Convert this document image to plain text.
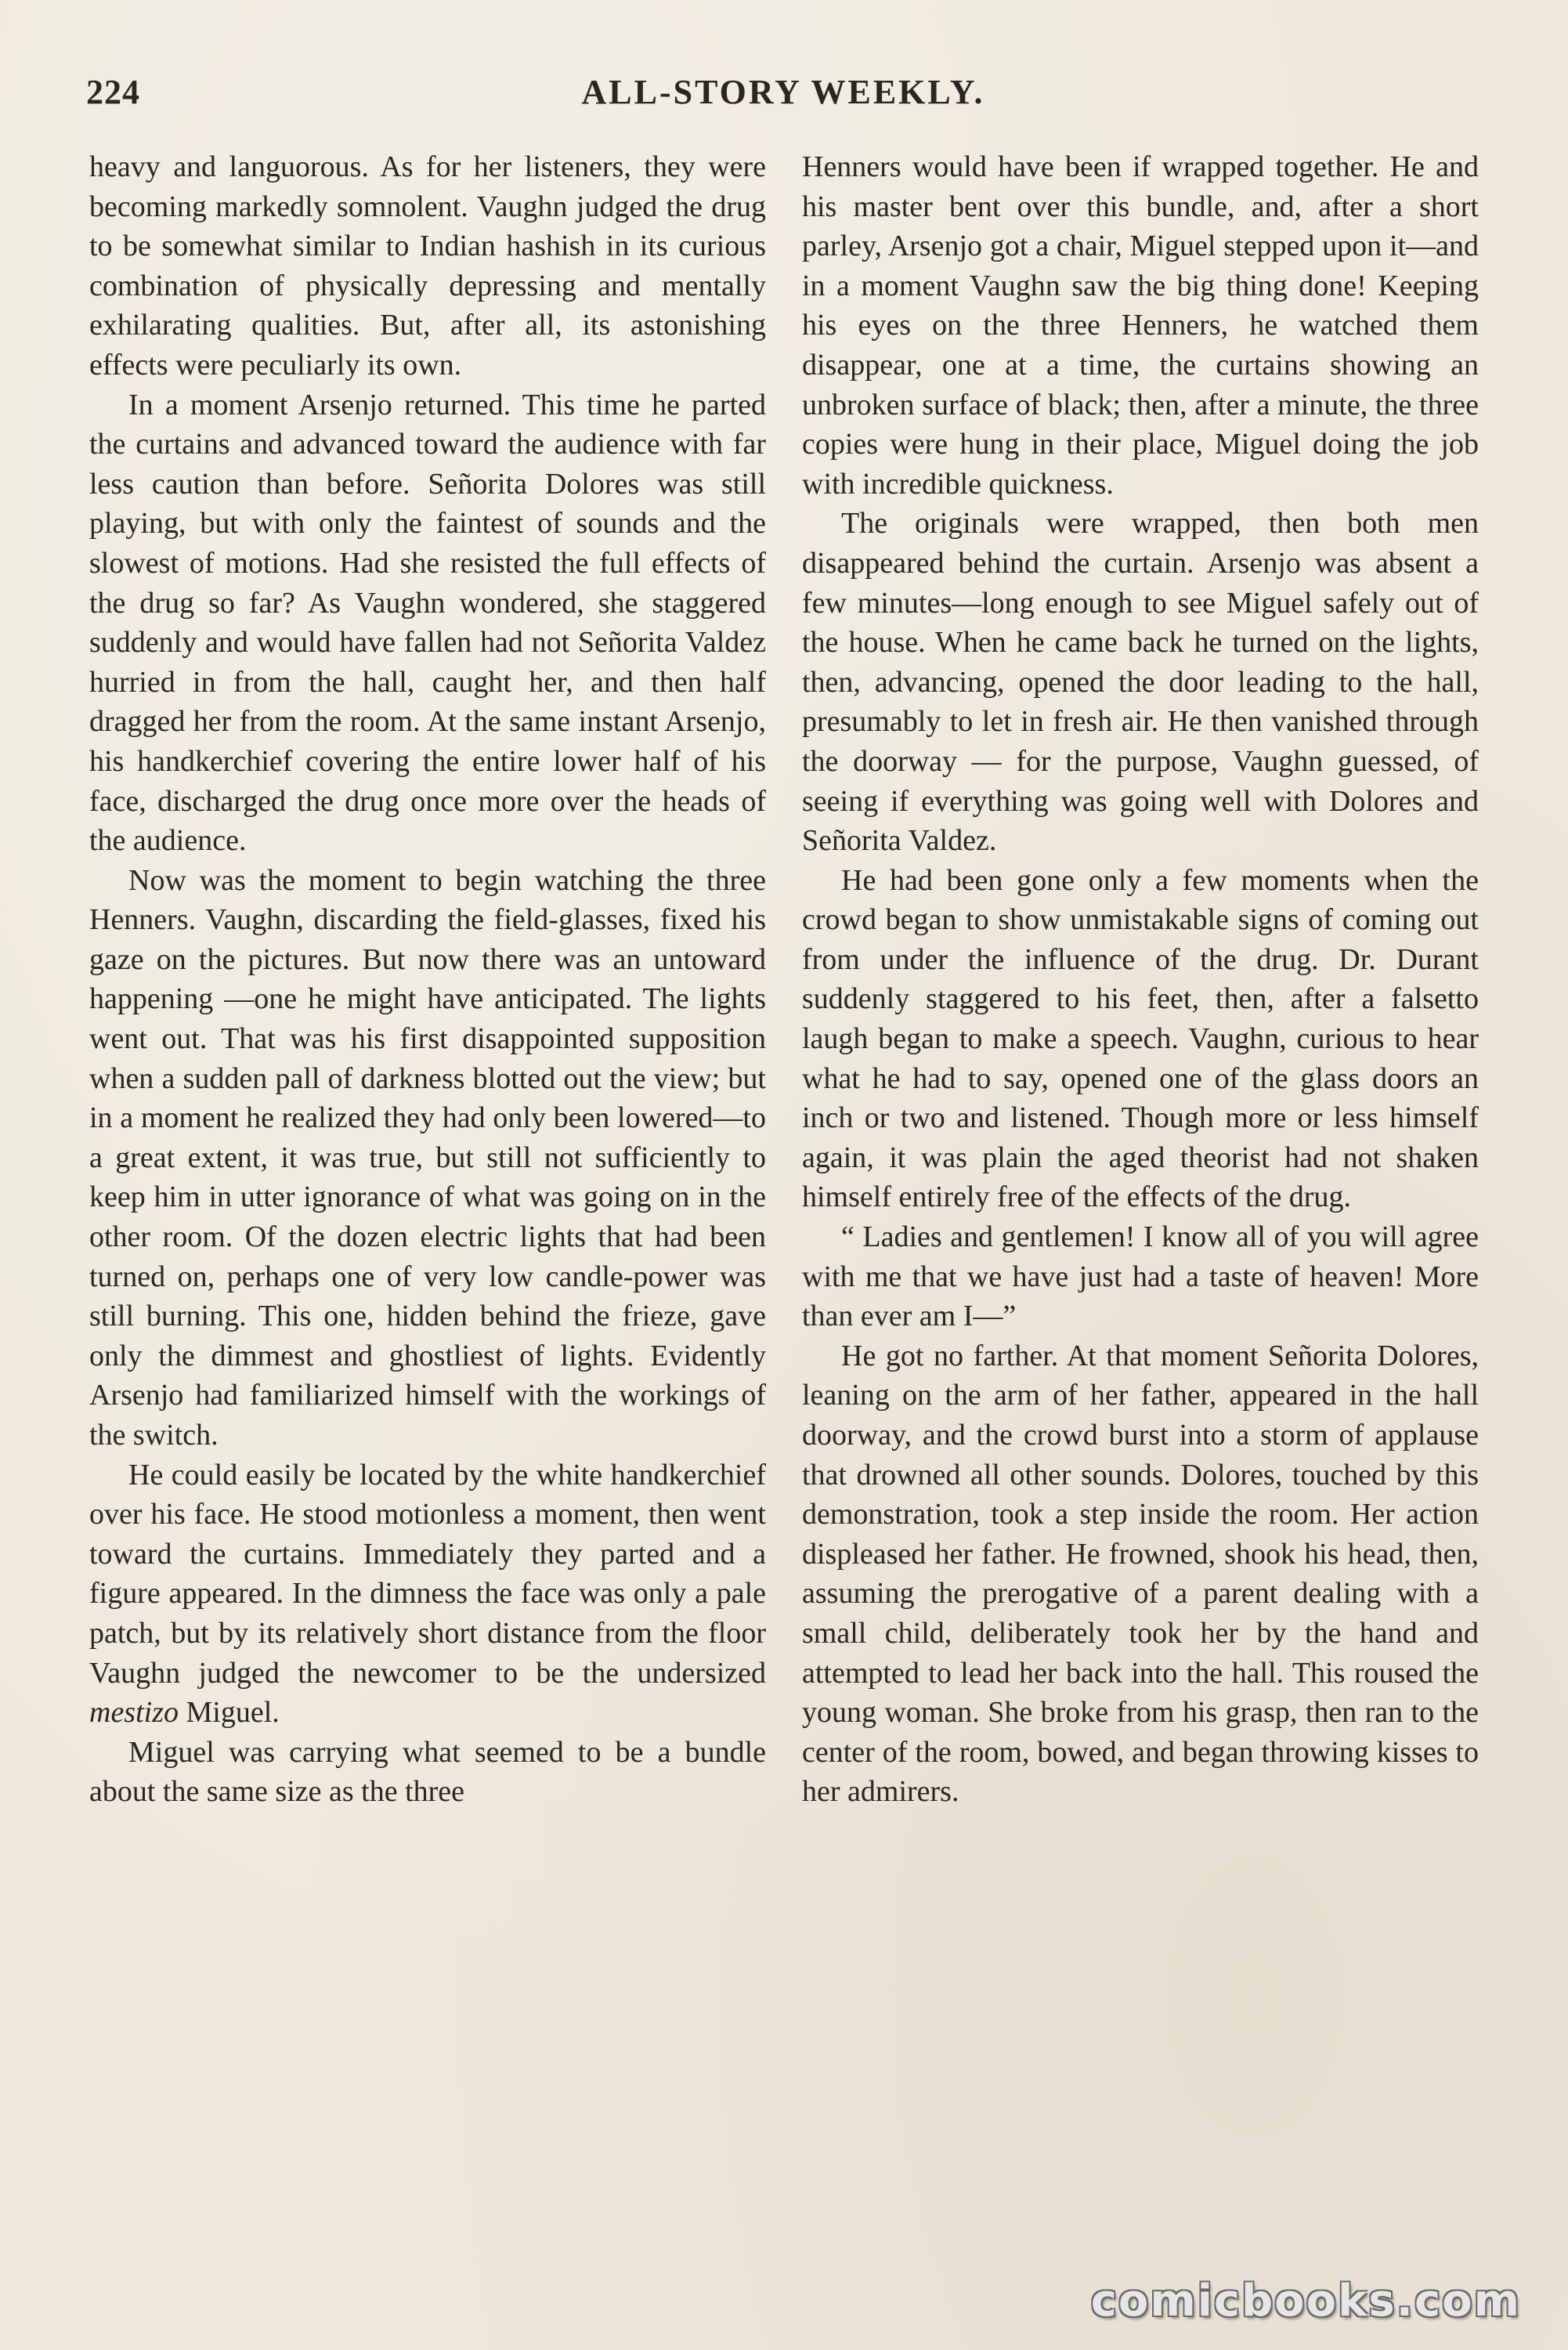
224	ALL-STORY WEEKLY.

heavy and languorous. As for her listeners, they were becoming markedly somnolent. Vaughn judged the drug to be somewhat similar to Indian hashish in its curious combination of physically depressing and mentally exhilarating qualities. But, after all, its astonishing effects were peculiarly its own.

In a moment Arsenjo returned. This time he parted the curtains and advanced toward the audience with far less caution than before. Señorita Dolores was still playing, but with only the faintest of sounds and the slowest of motions. Had she resisted the full effects of the drug so far? As Vaughn wondered, she staggered suddenly and would have fallen had not Señorita Valdez hurried in from the hall, caught her, and then half dragged her from the room. At the same instant Arsenjo, his handkerchief covering the entire lower half of his face, discharged the drug once more over the heads of the audience.

Now was the moment to begin watching the three Henners. Vaughn, discarding the field-glasses, fixed his gaze on the pictures. But now there was an untoward happening —one he might have anticipated. The lights went out. That was his first disappointed supposition when a sudden pall of darkness blotted out the view; but in a moment he realized they had only been lowered—to a great extent, it was true, but still not sufficiently to keep him in utter ignorance of what was going on in the other room. Of the dozen electric lights that had been turned on, perhaps one of very low candle-power was still burning. This one, hidden behind the frieze, gave only the dimmest and ghostliest of lights. Evidently Arsenjo had familiarized himself with the workings of the switch.

He could easily be located by the white handkerchief over his face. He stood motionless a moment, then went toward the curtains. Immediately they parted and a figure appeared. In the dimness the face was only a pale patch, but by its relatively short distance from the floor Vaughn judged the newcomer to be the undersized mestizo Miguel.

Miguel was carrying what seemed to be a bundle about the same size as the three

Henners would have been if wrapped together. He and his master bent over this bundle, and, after a short parley, Arsenjo got a chair, Miguel stepped upon it—and in a moment Vaughn saw the big thing done! Keeping his eyes on the three Henners, he watched them disappear, one at a time, the curtains showing an unbroken surface of black; then, after a minute, the three copies were hung in their place, Miguel doing the job with incredible quickness.

The originals were wrapped, then both men disappeared behind the curtain. Arsenjo was absent a few minutes—long enough to see Miguel safely out of the house. When he came back he turned on the lights, then, advancing, opened the door leading to the hall, presumably to let in fresh air. He then vanished through the doorway — for the purpose, Vaughn guessed, of seeing if everything was going well with Dolores and Señorita Valdez.

He had been gone only a few moments when the crowd began to show unmistakable signs of coming out from under the influence of the drug. Dr. Durant suddenly staggered to his feet, then, after a falsetto laugh began to make a speech. Vaughn, curious to hear what he had to say, opened one of the glass doors an inch or two and listened. Though more or less himself again, it was plain the aged theorist had not shaken himself entirely free of the effects of the drug.

“ Ladies and gentlemen! I know all of you will agree with me that we have just had a taste of heaven! More than ever am I—”

He got no farther. At that moment Señorita Dolores, leaning on the arm of her father, appeared in the hall doorway, and the crowd burst into a storm of applause that drowned all other sounds. Dolores, touched by this demonstration, took a step inside the room. Her action displeased her father. He frowned, shook his head, then, assuming the prerogative of a parent dealing with a small child, deliberately took her by the hand and attempted to lead her back into the hall. This roused the young woman. She broke from his grasp, then ran to the center of the room, bowed, and began throwing kisses to her admirers.

comicbooks.com
